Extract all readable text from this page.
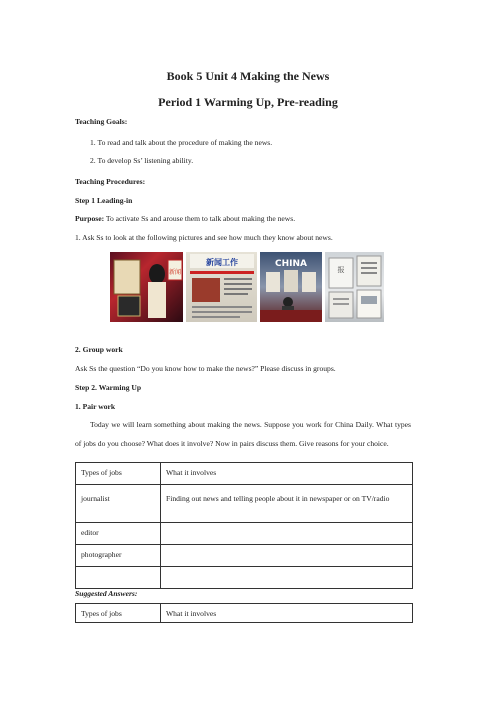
Book 5 Unit 4 Making the News
Period 1 Warming Up, Pre-reading
Teaching Goals:
1. To read and talk about the procedure of making the news.
2. To develop Ss’ listening ability.
Teaching Procedures:
Step 1 Leading-in
Purpose: To activate Ss and arouse them to talk about making the news.
1. Ask Ss to look at the following pictures and see how much they know about news.
新闻
新闻工作	CHINA
报
2. Group work
Ask Ss the question “Do you know how to make the news?” Please discuss in groups.
Step 2. Warming Up
1. Pair work
Today we will learn something about making the news. Suppose you work for China Daily. What types of jobs do you choose? What does it involve? Now in pairs discuss them. Give reasons for your choice.
Types of jobs	What it involves
journalist	Finding out news and telling people about it in newspaper or on TV/radio
editor	
photographer	

Suggested Answers:
Types of jobs	What it involves
